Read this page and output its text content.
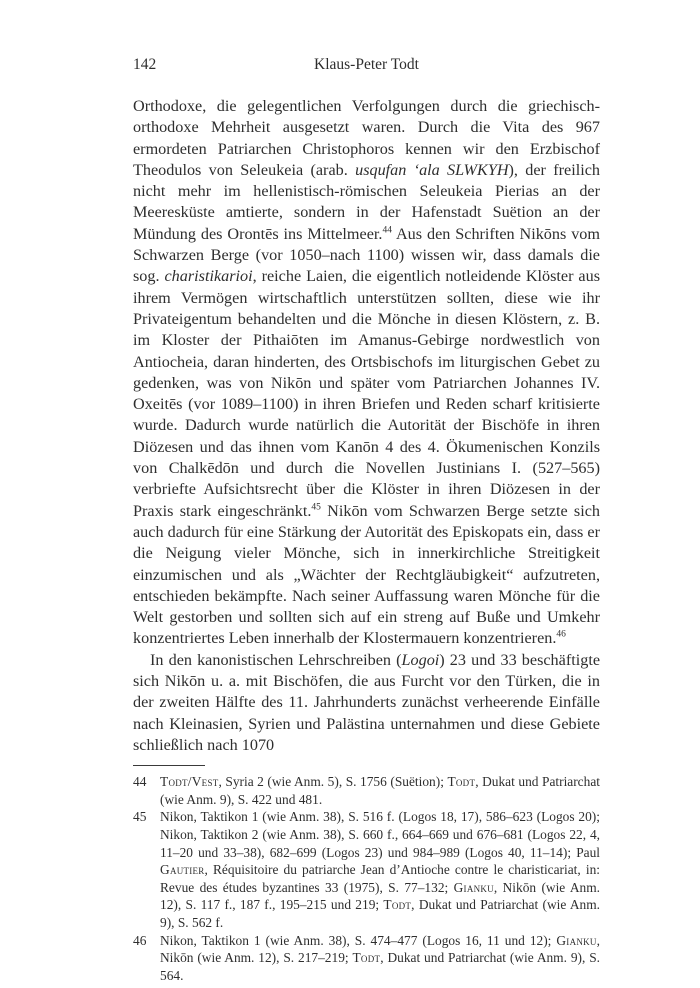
142	Klaus-Peter Todt

Orthodoxe, die gelegentlichen Verfolgungen durch die griechisch-orthodoxe Mehrheit ausgesetzt waren. Durch die Vita des 967 ermordeten Patriarchen Christophoros kennen wir den Erzbischof Theodulos von Seleukeia (arab. usqufan ‘ala SLWKYH), der freilich nicht mehr im hellenistisch-römischen Seleukeia Pierias an der Meeresküste amtierte, sondern in der Hafenstadt Suëtion an der Mündung des Orontēs ins Mittelmeer.$^{44}$ Aus den Schriften Nikōns vom Schwarzen Berge (vor 1050–nach 1100) wissen wir, dass damals die sog. charistikarioi, reiche Laien, die eigentlich notleidende Klöster aus ihrem Vermögen wirtschaftlich unterstützen sollten, diese wie ihr Privateigentum behandelten und die Mönche in diesen Klöstern, z. B. im Kloster der Pithaiōten im Amanus-Gebirge nordwestlich von Antiocheia, daran hinderten, des Ortsbischofs im liturgischen Gebet zu gedenken, was von Nikōn und später vom Patriarchen Johannes IV. Oxeitēs (vor 1089–1100) in ihren Briefen und Reden scharf kritisierte wurde. Dadurch wurde natürlich die Autorität der Bischöfe in ihren Diözesen und das ihnen vom Kanōn 4 des 4. Ökumenischen Konzils von Chalkēdōn und durch die Novellen Justinians I. (527–565) verbriefte Aufsichtsrecht über die Klöster in ihren Diözesen in der Praxis stark eingeschränkt.$^{45}$ Nikōn vom Schwarzen Berge setzte sich auch dadurch für eine Stärkung der Autorität des Episkopats ein, dass er die Neigung vieler Mönche, sich in innerkirchliche Streitigkeit einzumischen und als „Wächter der Rechtgläubigkeit“ aufzutreten, entschieden bekämpfte. Nach seiner Auffassung waren Mönche für die Welt gestorben und sollten sich auf ein streng auf Buße und Umkehr konzentriertes Leben innerhalb der Klostermauern konzentrieren.$^{46}$

In den kanonistischen Lehrschreiben (Logoi) 23 und 33 beschäftigte sich Nikōn u. a. mit Bischöfen, die aus Furcht vor den Türken, die in der zweiten Hälfte des 11. Jahrhunderts zunächst verheerende Einfälle nach Kleinasien, Syrien und Palästina unternahmen und diese Gebiete schließlich nach 1070

44	Todt/Vest, Syria 2 (wie Anm. 5), S. 1756 (Suëtion); Todt, Dukat und Patriarchat (wie Anm. 9), S. 422 und 481.
45	Nikon, Taktikon 1 (wie Anm. 38), S. 516 f. (Logos 18, 17), 586–623 (Logos 20); Nikon, Taktikon 2 (wie Anm. 38), S. 660 f., 664–669 und 676–681 (Logos 22, 4, 11–20 und 33–38), 682–699 (Logos 23) und 984–989 (Logos 40, 11–14); Paul Gautier, Réquisitoire du patriarche Jean d’Antioche contre le charisticariat, in: Revue des études byzantines 33 (1975), S. 77–132; Gianku, Nikōn (wie Anm. 12), S. 117 f., 187 f., 195–215 und 219; Todt, Dukat und Patriarchat (wie Anm. 9), S. 562 f.
46	Nikon, Taktikon 1 (wie Anm. 38), S. 474–477 (Logos 16, 11 und 12); Gianku, Nikōn (wie Anm. 12), S. 217–219; Todt, Dukat und Patriarchat (wie Anm. 9), S. 564.
